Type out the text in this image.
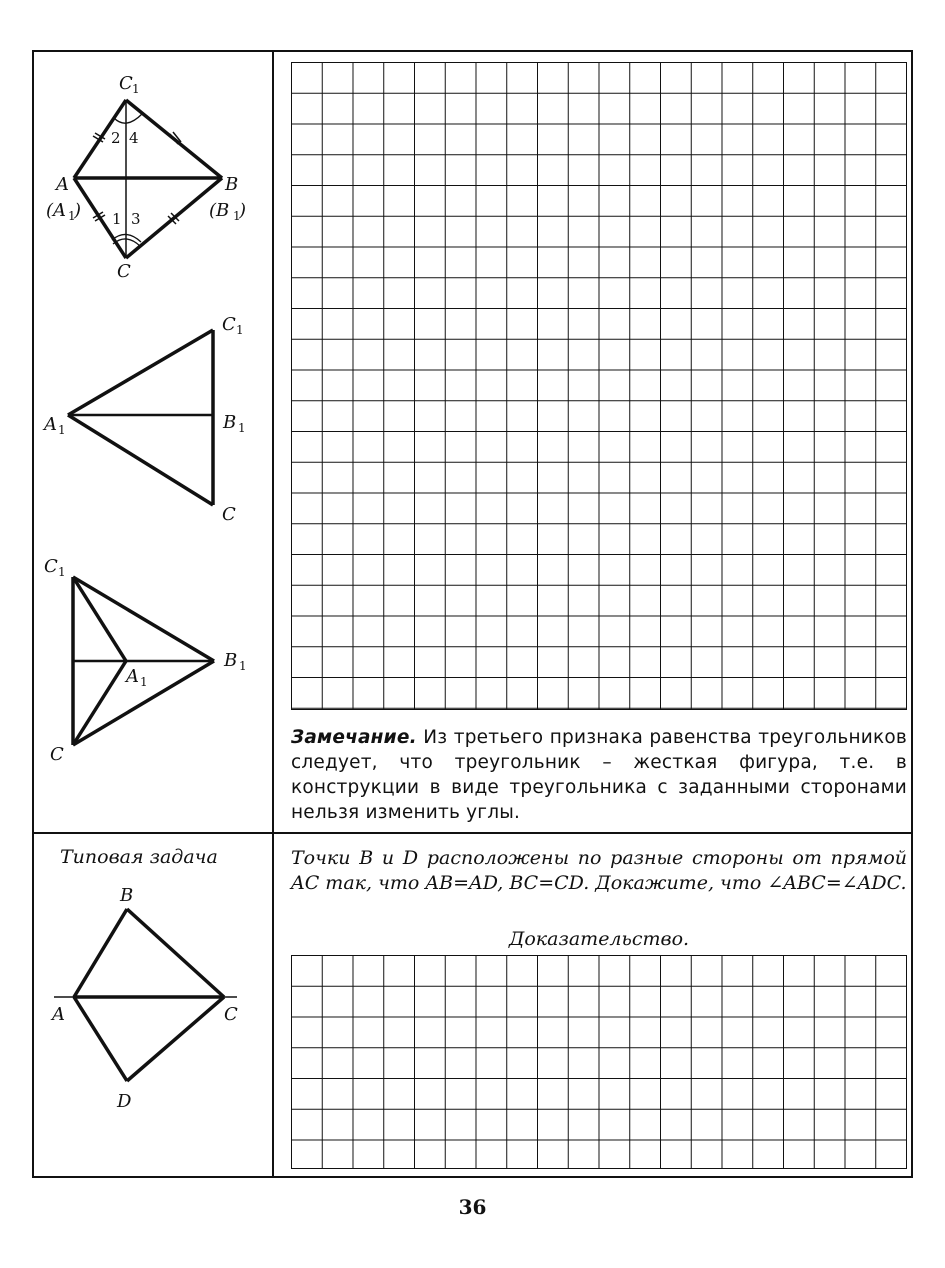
C 1
A
(A 1
)
B
(B 1
)
C
2 4
1 3
C 1
A 1	B 1
C
C 1
A 1
B 1
C
Замечание. Из третьего признака равенства треугольников следует, что треугольник – жесткая фигура, т.е. в конструкции в виде треугольника с заданными сторонами нельзя изменить углы.
Типовая задача
B
A	C
D
Точки B и D расположены по разные стороны от прямой AC так, что AB=AD, BC=CD. Докажите, что ∠ABC=∠ADC.
Доказательство.
36
